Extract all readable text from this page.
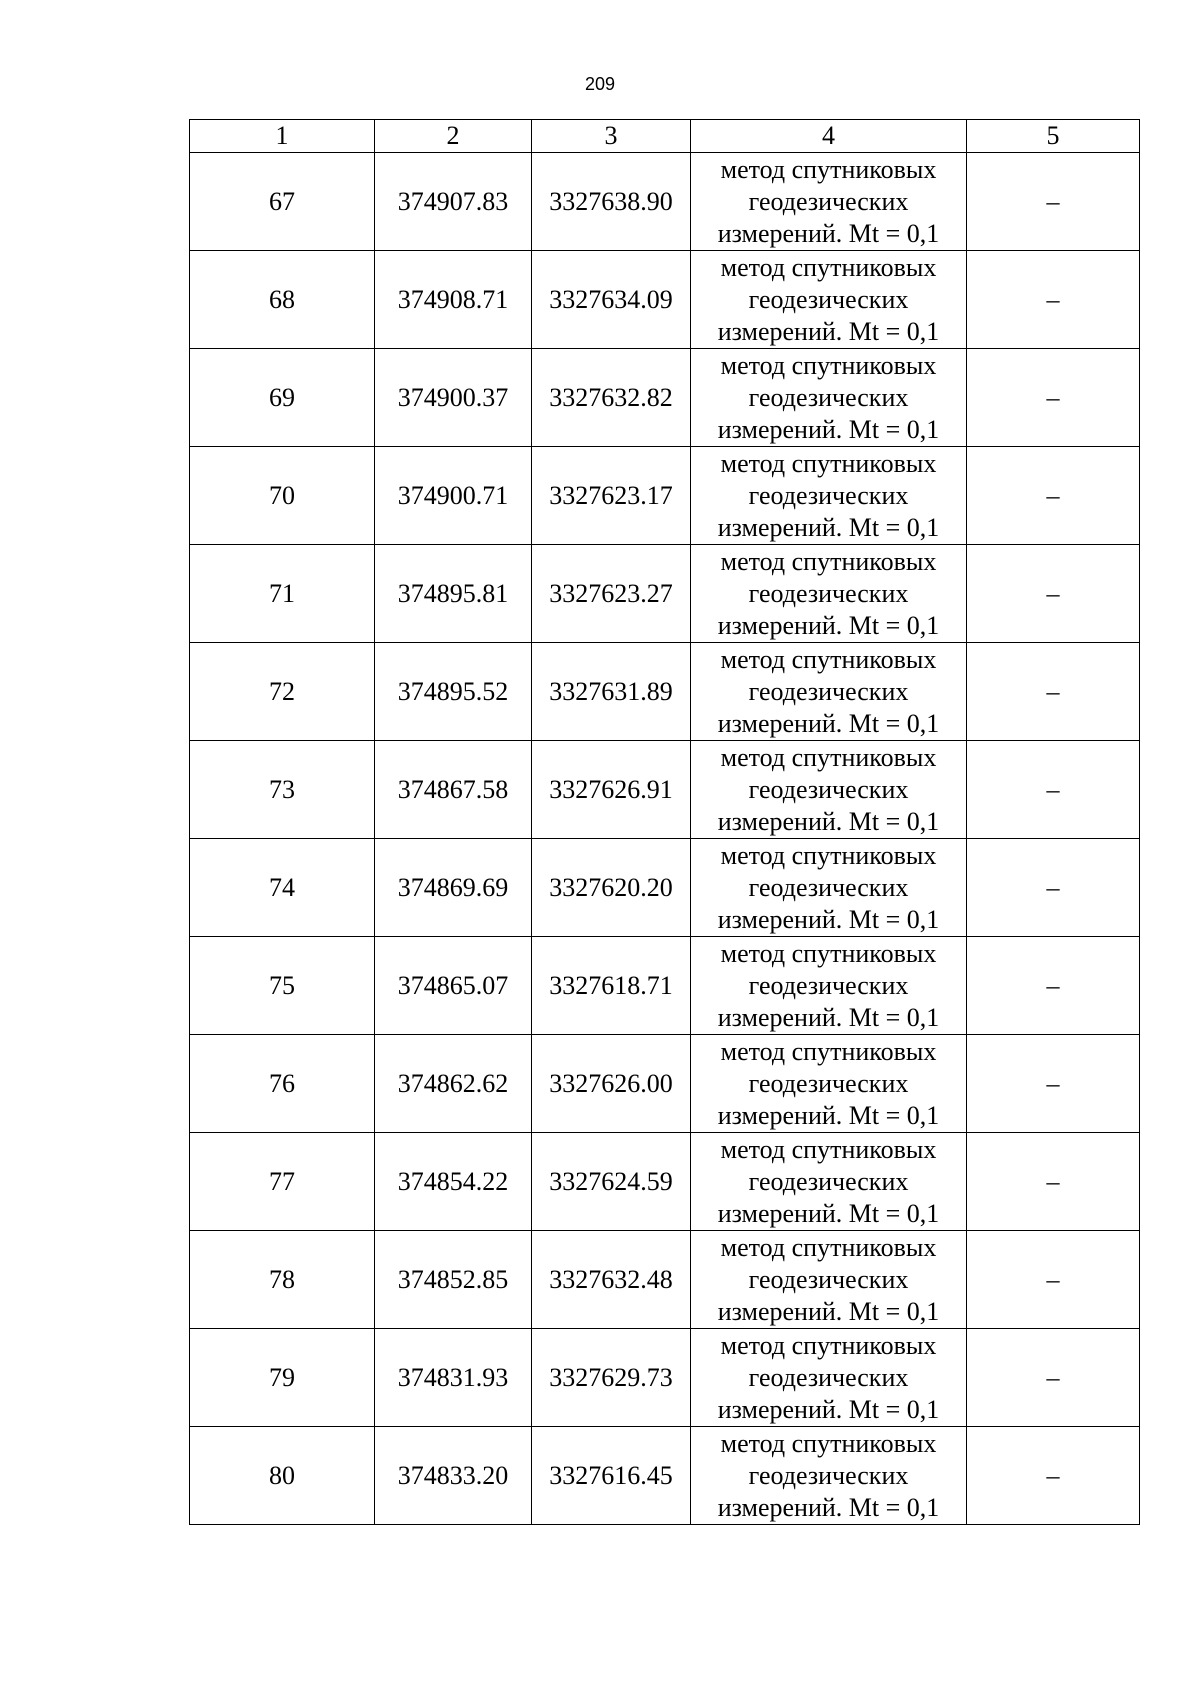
209
1	2	3	4	5
67	374907.83	3327638.90	метод спутниковых
геодезических
измерений. Mt = 0,1	–
68	374908.71	3327634.09	метод спутниковых
геодезических
измерений. Mt = 0,1	–
69	374900.37	3327632.82	метод спутниковых
геодезических
измерений. Mt = 0,1	–
70	374900.71	3327623.17	метод спутниковых
геодезических
измерений. Mt = 0,1	–
71	374895.81	3327623.27	метод спутниковых
геодезических
измерений. Mt = 0,1	–
72	374895.52	3327631.89	метод спутниковых
геодезических
измерений. Mt = 0,1	–
73	374867.58	3327626.91	метод спутниковых
геодезических
измерений. Mt = 0,1	–
74	374869.69	3327620.20	метод спутниковых
геодезических
измерений. Mt = 0,1	–
75	374865.07	3327618.71	метод спутниковых
геодезических
измерений. Mt = 0,1	–
76	374862.62	3327626.00	метод спутниковых
геодезических
измерений. Mt = 0,1	–
77	374854.22	3327624.59	метод спутниковых
геодезических
измерений. Mt = 0,1	–
78	374852.85	3327632.48	метод спутниковых
геодезических
измерений. Mt = 0,1	–
79	374831.93	3327629.73	метод спутниковых
геодезических
измерений. Mt = 0,1	–
80	374833.20	3327616.45	метод спутниковых
геодезических
измерений. Mt = 0,1	–
